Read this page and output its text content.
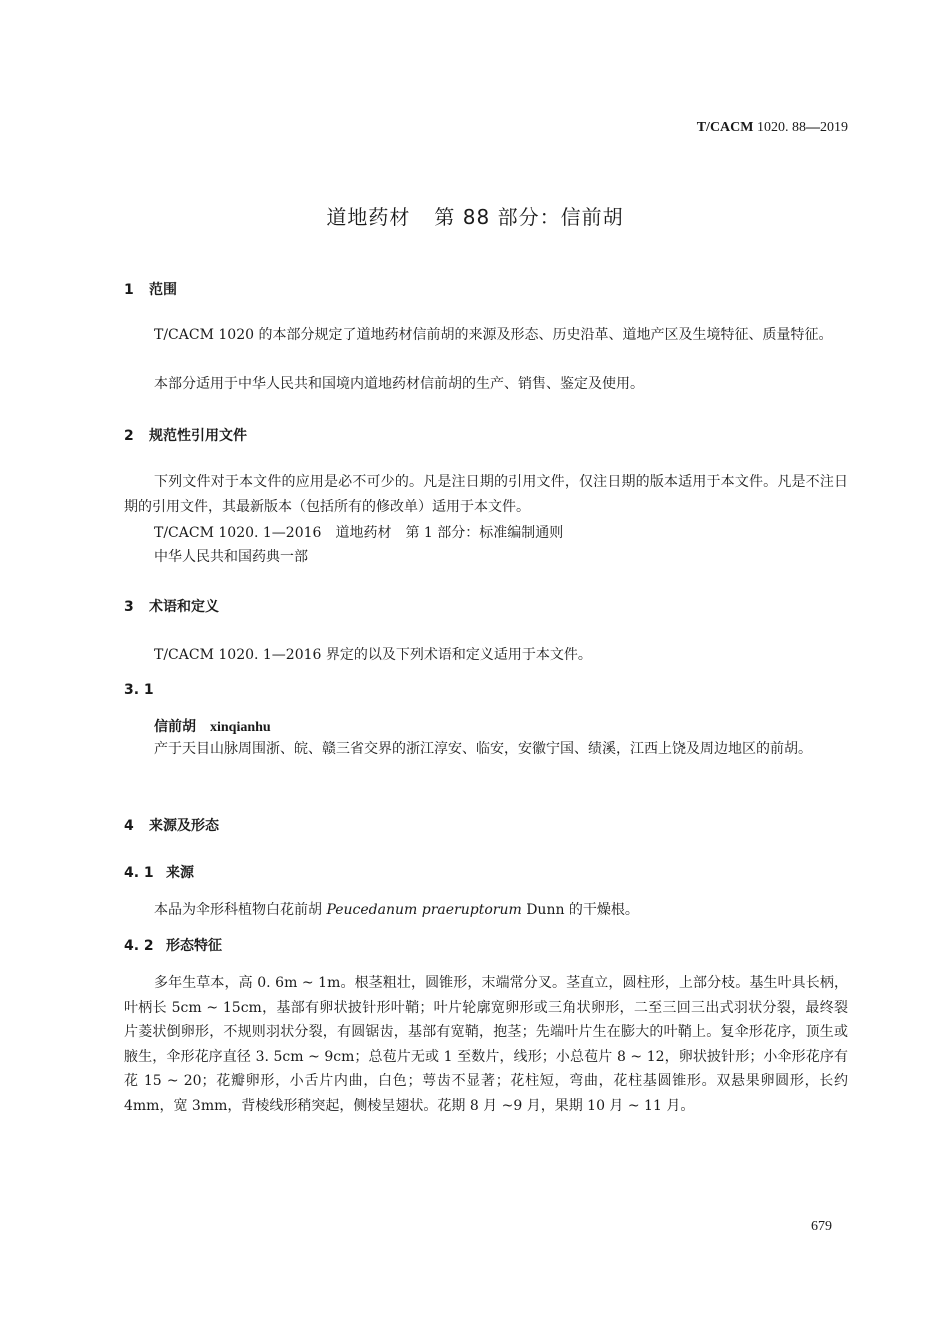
T/CACM 1020. 88—2019
道地药材 第 88 部分：信前胡
1 范围
T/CACM 1020 的本部分规定了道地药材信前胡的来源及形态、历史沿革、道地产区及生境特征、质量特征。
本部分适用于中华人民共和国境内道地药材信前胡的生产、销售、鉴定及使用。
2 规范性引用文件
下列文件对于本文件的应用是必不可少的。凡是注日期的引用文件，仅注日期的版本适用于本文件。凡是不注日期的引用文件，其最新版本（包括所有的修改单）适用于本文件。
T/CACM 1020. 1—2016 道地药材 第 1 部分：标准编制通则
中华人民共和国药典一部
3 术语和定义
T/CACM 1020. 1—2016 界定的以及下列术语和定义适用于本文件。
3. 1
信前胡 xinqianhu
产于天目山脉周围浙、皖、赣三省交界的浙江淳安、临安，安徽宁国、绩溪，江西上饶及周边地区的前胡。
4 来源及形态
4. 1 来源
本品为伞形科植物白花前胡 Peucedanum praeruptorum Dunn 的干燥根。
4. 2 形态特征
多年生草本，高 0. 6m ~ 1m。根茎粗壮，圆锥形，末端常分叉。茎直立，圆柱形，上部分枝。基生叶具长柄，叶柄长 5cm ~ 15cm，基部有卵状披针形叶鞘；叶片轮廓宽卵形或三角状卵形，二至三回三出式羽状分裂，最终裂片菱状倒卵形，不规则羽状分裂，有圆锯齿，基部有宽鞘，抱茎；先端叶片生在膨大的叶鞘上。复伞形花序，顶生或腋生，伞形花序直径 3. 5cm ~ 9cm；总苞片无或 1 至数片，线形；小总苞片 8 ~ 12，卵状披针形；小伞形花序有花 15 ~ 20；花瓣卵形，小舌片内曲，白色；萼齿不显著；花柱短，弯曲，花柱基圆锥形。双悬果卵圆形，长约 4mm，宽 3mm，背棱线形稍突起，侧棱呈翅状。花期 8 月 ~9 月，果期 10 月 ~ 11 月。
679
